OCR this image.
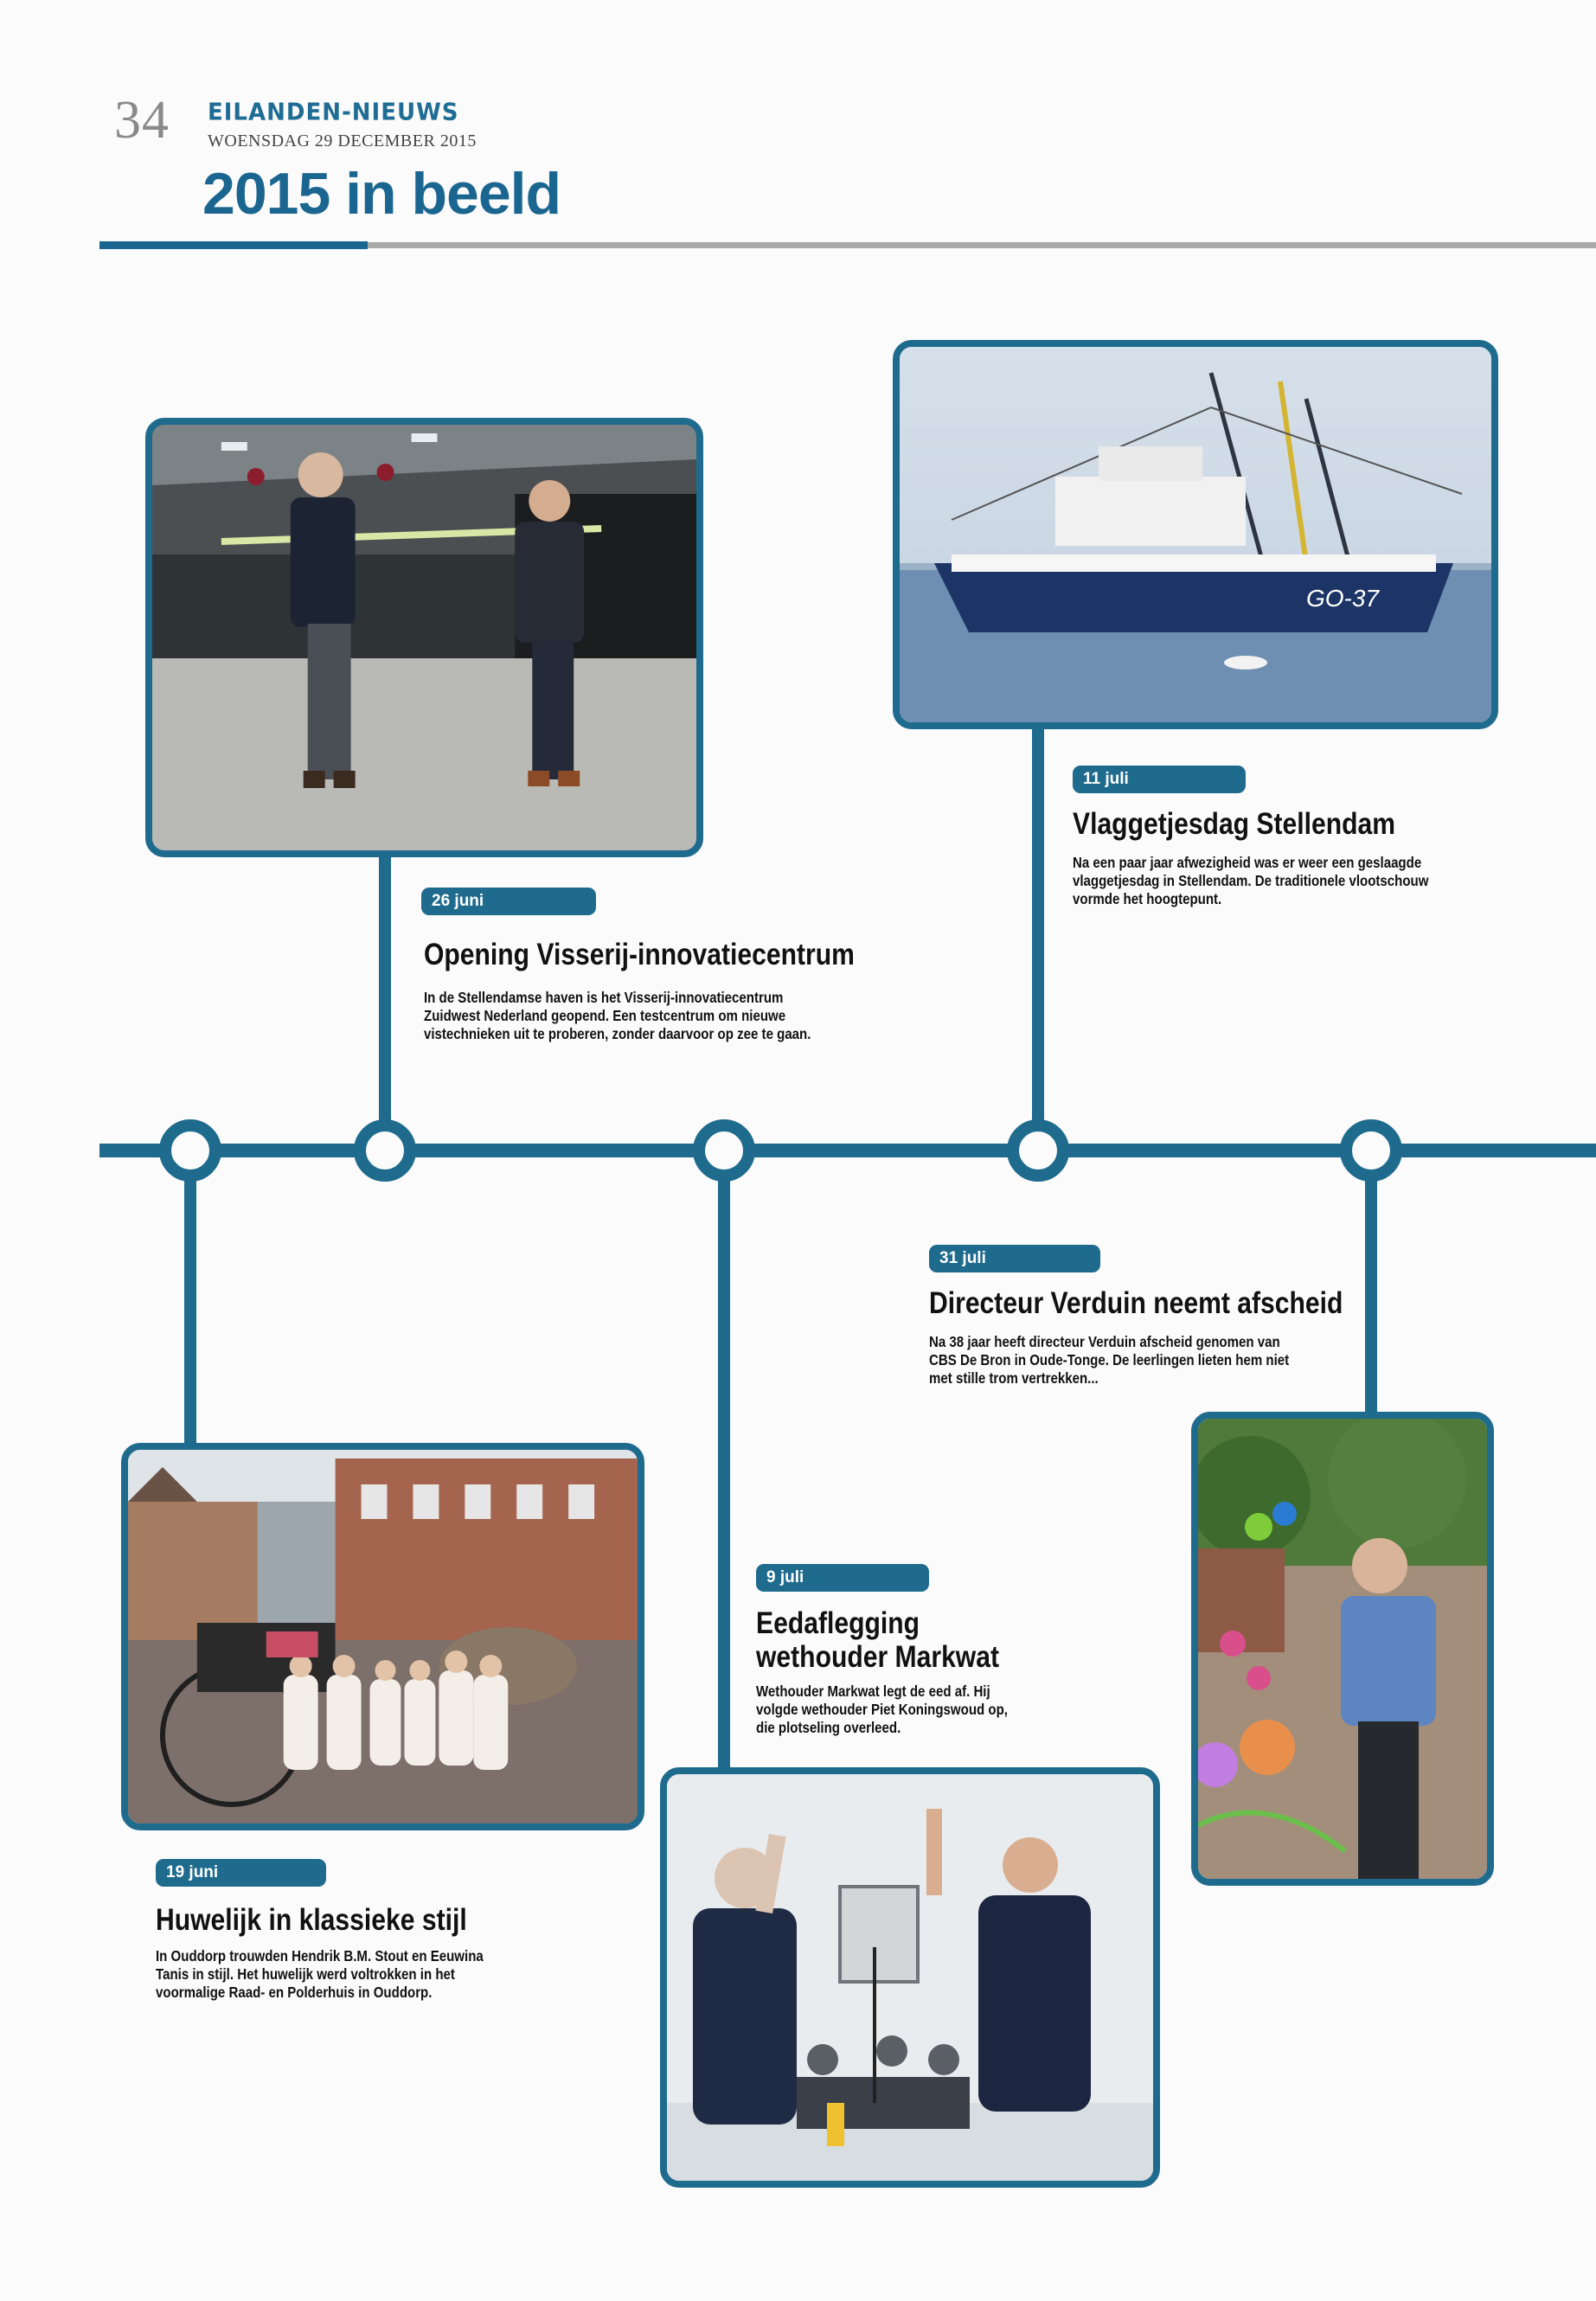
34 EILANDEN-NIEUWS
WOENSDAG 29 DECEMBER 2015
2015 in beeld
GO-37
26 juni
Opening Visserij-innovatiecentrum
In de Stellendamse haven is het Visserij-innovatiecentrum
Zuidwest Nederland geopend. Een testcentrum om nieuwe
vistechnieken uit te proberen, zonder daarvoor op zee te gaan.
11 juli
Vlaggetjesdag Stellendam
Na een paar jaar afwezigheid was er weer een geslaagde
vlaggetjesdag in Stellendam. De traditionele vlootschouw
vormde het hoogtepunt.
31 juli
Directeur Verduin neemt afscheid
Na 38 jaar heeft directeur Verduin afscheid genomen van
CBS De Bron in Oude-Tonge. De leerlingen lieten hem niet
met stille trom vertrekken...
9 juli
Eedaflegging
wethouder Markwat
Wethouder Markwat legt de eed af. Hij
volgde wethouder Piet Koningswoud op,
die plotseling overleed.
19 juni
Huwelijk in klassieke stijl
In Ouddorp trouwden Hendrik B.M. Stout en Eeuwina
Tanis in stijl. Het huwelijk werd voltrokken in het
voormalige Raad- en Polderhuis in Ouddorp.
